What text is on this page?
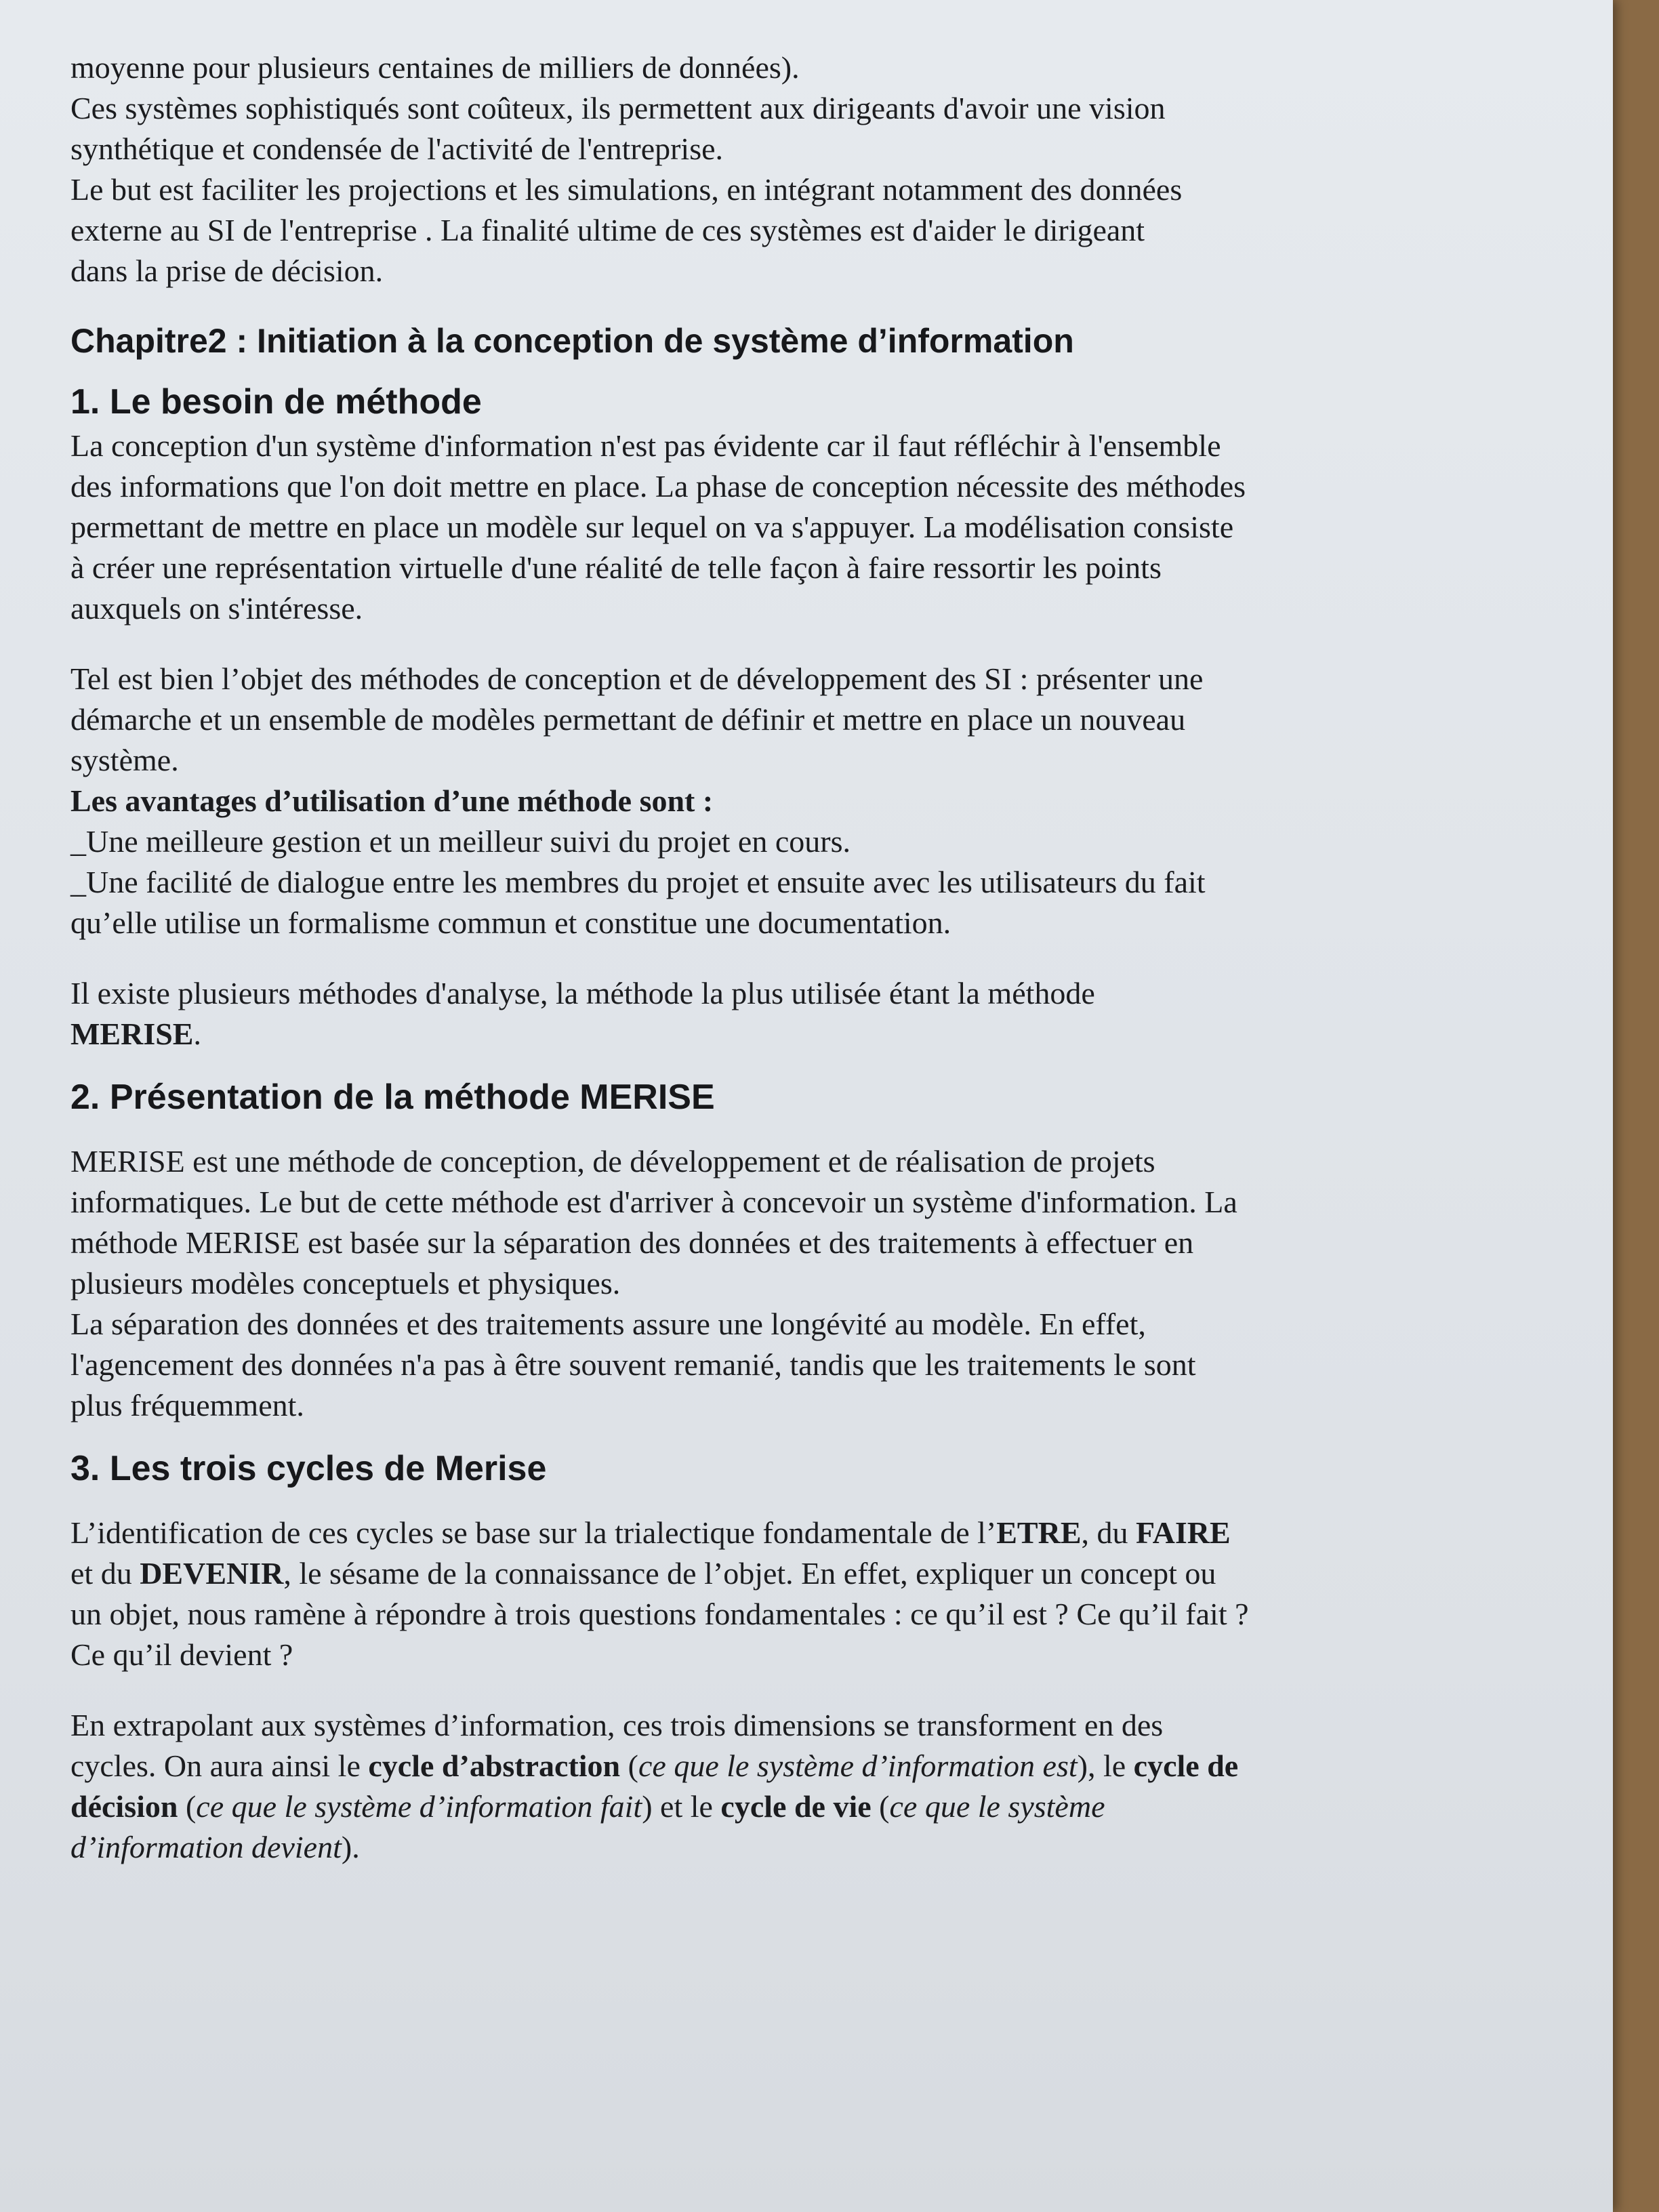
moyenne pour plusieurs centaines de milliers de données).

Ces systèmes sophistiqués sont coûteux, ils permettent aux dirigeants d'avoir une vision

synthétique et condensée de l'activité de l'entreprise.

Le but est faciliter les projections et les simulations, en intégrant notamment des données

externe au SI de l'entreprise . La finalité ultime de ces systèmes est d'aider le dirigeant

dans la prise de décision.

Chapitre2 : Initiation à la conception de système d’information
1. Le besoin de méthode

La conception d'un système d'information n'est pas évidente car il faut réfléchir à l'ensemble

des informations que l'on doit mettre en place. La phase de conception nécessite des méthodes

permettant de mettre en place un modèle sur lequel on va s'appuyer. La modélisation consiste

à créer une représentation virtuelle d'une réalité de telle façon à faire ressortir les points

auxquels on s'intéresse.

Tel est bien l’objet des méthodes de conception et de développement des SI : présenter une

démarche et un ensemble de modèles permettant de définir et mettre en place un nouveau

système.

Les avantages d’utilisation d’une méthode sont :

_Une meilleure gestion et un meilleur suivi du projet en cours.

_Une facilité de dialogue entre les membres du projet et ensuite avec les utilisateurs du fait

qu’elle utilise un formalisme commun et constitue une documentation.

Il existe plusieurs méthodes d'analyse, la méthode la plus utilisée étant la méthode

MERISE.

2. Présentation de la méthode MERISE

MERISE est une méthode de conception, de développement et de réalisation de projets

informatiques. Le but de cette méthode est d'arriver à concevoir un système d'information. La

méthode MERISE est basée sur la séparation des données et des traitements à effectuer en

plusieurs modèles conceptuels et physiques.

La séparation des données et des traitements assure une longévité au modèle. En effet,

l'agencement des données n'a pas à être souvent remanié, tandis que les traitements le sont

plus fréquemment.

3. Les trois cycles de Merise

L’identification de ces cycles se base sur la trialectique fondamentale de l’ETRE, du FAIRE

et du DEVENIR, le sésame de la connaissance de l’objet. En effet, expliquer un concept ou

un objet, nous ramène à répondre à trois questions fondamentales : ce qu’il est ? Ce qu’il fait ?

Ce qu’il devient ?

En extrapolant aux systèmes d’information, ces trois dimensions se transforment en des

cycles. On aura ainsi le cycle d’abstraction (ce que le système d’information est), le cycle de

décision (ce que le système d’information fait) et le cycle de vie (ce que le système

d’information devient).
